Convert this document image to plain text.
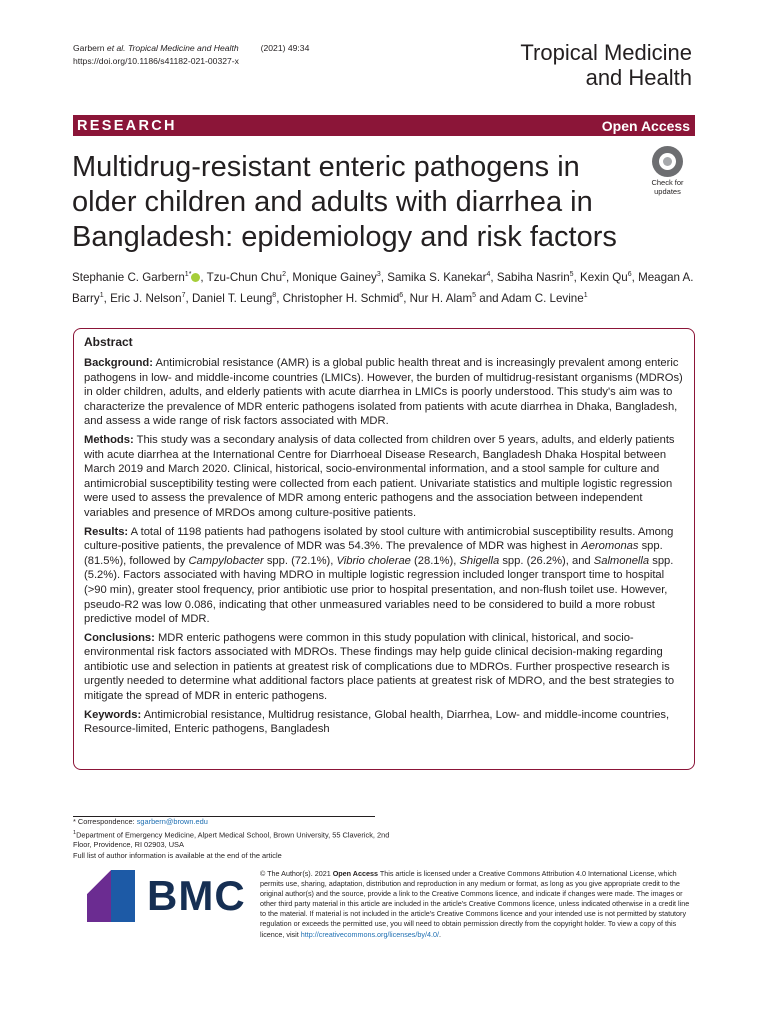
Garbern et al. Tropical Medicine and Health	(2021) 49:34
https://doi.org/10.1186/s41182-021-00327-x	Tropical Medicine
and Health
RESEARCH	Open Access
Multidrug-resistant enteric pathogens in older children and adults with diarrhea in Bangladesh: epidemiology and risk factors
Check for
updates
Stephanie C. Garbern$^{1*}$ , Tzu-Chun Chu$^2$, Monique Gainey$^3$, Samika S. Kanekar$^4$, Sabiha Nasrin$^5$, Kexin Qu$^6$, Meagan A. Barry$^1$, Eric J. Nelson$^7$, Daniel T. Leung$^8$, Christopher H. Schmid$^6$, Nur H. Alam$^5$ and Adam C. Levine$^1$
Abstract

Background: Antimicrobial resistance (AMR) is a global public health threat and is increasingly prevalent among enteric pathogens in low- and middle-income countries (LMICs). However, the burden of multidrug-resistant organisms (MDROs) in older children, adults, and elderly patients with acute diarrhea in LMICs is poorly understood. This study's aim was to characterize the prevalence of MDR enteric pathogens isolated from patients with acute diarrhea in Dhaka, Bangladesh, and assess a wide range of risk factors associated with MDR.

Methods: This study was a secondary analysis of data collected from children over 5 years, adults, and elderly patients with acute diarrhea at the International Centre for Diarrhoeal Disease Research, Bangladesh Dhaka Hospital between March 2019 and March 2020. Clinical, historical, socio-environmental information, and a stool sample for culture and antimicrobial susceptibility testing were collected from each patient. Univariate statistics and multiple logistic regression were used to assess the prevalence of MDR among enteric pathogens and the association between independent variables and presence of MRDOs among culture-positive patients.

Results: A total of 1198 patients had pathogens isolated by stool culture with antimicrobial susceptibility results. Among culture-positive patients, the prevalence of MDR was 54.3%. The prevalence of MDR was highest in Aeromonas spp. (81.5%), followed by Campylobacter spp. (72.1%), Vibrio cholerae (28.1%), Shigella spp. (26.2%), and Salmonella spp. (5.2%). Factors associated with having MDRO in multiple logistic regression included longer transport time to hospital (>90 min), greater stool frequency, prior antibiotic use prior to hospital presentation, and non-flush toilet use. However, pseudo-R2 was low 0.086, indicating that other unmeasured variables need to be considered to build a more robust predictive model of MDR.

Conclusions: MDR enteric pathogens were common in this study population with clinical, historical, and socio-environmental risk factors associated with MDROs. These findings may help guide clinical decision-making regarding antibiotic use and selection in patients at greatest risk of complications due to MDROs. Further prospective research is urgently needed to determine what additional factors place patients at greatest risk of MDRO, and the best strategies to mitigate the spread of MDR in enteric pathogens.

Keywords: Antimicrobial resistance, Multidrug resistance, Global health, Diarrhea, Low- and middle-income countries, Resource-limited, Enteric pathogens, Bangladesh

* Correspondence: sgarbern@brown.edu
$^1$Department of Emergency Medicine, Alpert Medical School, Brown University, 55 Claverick, 2nd Floor, Providence, RI 02903, USA
Full list of author information is available at the end of the article
BMC © The Author(s). 2021 Open Access This article is licensed under a Creative Commons Attribution 4.0 International License, which permits use, sharing, adaptation, distribution and reproduction in any medium or format, as long as you give appropriate credit to the original author(s) and the source, provide a link to the Creative Commons licence, and indicate if changes were made. The images or other third party material in this article are included in the article's Creative Commons licence, unless indicated otherwise in a credit line to the material. If material is not included in the article's Creative Commons licence and your intended use is not permitted by statutory regulation or exceeds the permitted use, you will need to obtain permission directly from the copyright holder. To view a copy of this licence, visit http://creativecommons.org/licenses/by/4.0/.
